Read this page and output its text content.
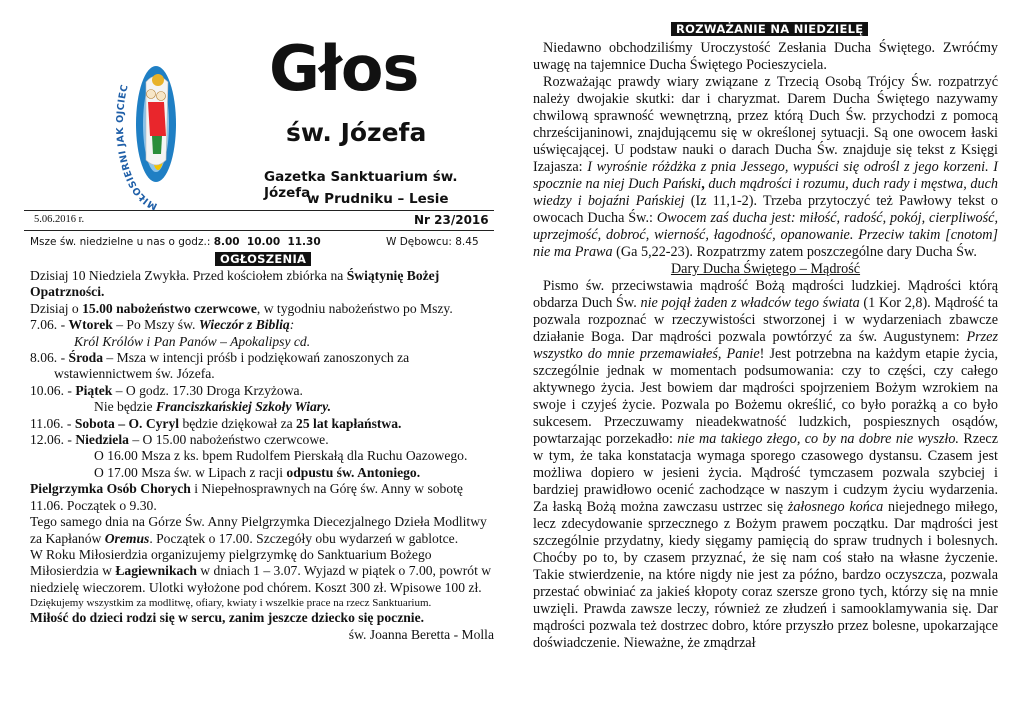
MIŁOSIERNI JAK OJCIEC	Głos
św. Józefa
Gazetka Sanktuarium św. Józefa
w Prudniku – Lesie
5.06.2016 r.	Nr 23/2016
Msze św. niedzielne u nas o godz.: 8.00  10.00  11.30	W Dębowcu: 8.45
OGŁOSZENIA

Dzisiaj 10 Niedziela Zwykła. Przed kościołem zbiórka na Świątynię Bożej Opatrzności.

Dzisiaj o 15.00 nabożeństwo czerwcowe, w tygodniu nabożeństwo po Mszy.

7.06. - Wtorek – Po Mszy św. Wieczór z Biblią:

Król Królów i Pan Panów – Apokalipsy cd.

8.06. - Środa – Msza w intencji próśb i podziękowań zanoszonych za

wstawiennictwem św. Józefa.

10.06. - Piątek – O godz. 17.30 Droga Krzyżowa.

Nie będzie Franciszkańskiej Szkoły Wiary.

11.06. - Sobota – O. Cyryl będzie dziękował za 25 lat kapłaństwa.

12.06. - Niedziela – O 15.00 nabożeństwo czerwcowe.

O 16.00 Msza z ks. bpem Rudolfem Pierskałą dla Ruchu Oazowego.

O 17.00 Msza św. w Lipach z racji odpustu św. Antoniego.

Pielgrzymka Osób Chorych i Niepełnosprawnych na Górę św. Anny w sobotę 11.06. Początek o 9.30.

Tego samego dnia na Górze Św. Anny Pielgrzymka Diecezjalnego Dzieła Modlitwy za Kapłanów Oremus. Początek o 17.00. Szczegóły obu wydarzeń w gablotce.

W Roku Miłosierdzia organizujemy pielgrzymkę do Sanktuarium Bożego Miłosierdzia w Łagiewnikach w dniach 1 – 3.07. Wyjazd w piątek o 7.00, powrót w niedzielę wieczorem. Ulotki wyłożone pod chórem. Koszt 300 zł. Wpisowe 100 zł.

Dziękujemy wszystkim za modlitwę, ofiary, kwiaty i wszelkie prace na rzecz Sanktuarium.

Miłość do dzieci rodzi się w sercu, zanim jeszcze dziecko się pocznie.

św. Joanna Beretta - Molla

ROZWAŻANIE NA NIEDZIELĘ

Niedawno obchodziliśmy Uroczystość Zesłania Ducha Świętego. Zwróćmy uwagę na tajemnice Ducha Świętego Pocieszyciela.

Rozważając prawdy wiary związane z Trzecią Osobą Trójcy Św. rozpatrzyć należy dwojakie skutki: dar i charyzmat. Darem Ducha Świętego nazywamy chwilową sprawność wewnętrzną, przez którą Duch Św. przychodzi z pomocą chrześcijaninowi, znajdującemu się w określonej sytuacji. Są one owocem łaski uświęcającej. U podstaw nauki o darach Ducha Św. znajduje się tekst z Księgi Izajasza: I wyrośnie różdżka z pnia Jessego, wypuści się odrośl z jego korzeni. I spocznie na niej Duch Pański, duch mądrości i rozumu, duch rady i męstwa, duch wiedzy i bojaźni Pańskiej (Iz 11,1-2). Trzeba przytoczyć też Pawłowy tekst o owocach Ducha Św.: Owocem zaś ducha jest: miłość, radość, pokój, cierpliwość, uprzejmość, dobroć, wierność, łagodność, opanowanie. Przeciw takim [cnotom] nie ma Prawa (Ga 5,22-23). Rozpatrzmy zatem poszczególne dary Ducha Św.

Dary Ducha Świętego – Mądrość

Pismo św. przeciwstawia mądrość Bożą mądrości ludzkiej. Mądrości którą obdarza Duch Św. nie pojął żaden z władców tego świata (1 Kor 2,8). Mądrość ta pozwala rozpoznać w rzeczywistości stworzonej i w wydarzeniach zbawcze działanie Boga. Dar mądrości pozwala powtórzyć za św. Augustynem: Przez wszystko do mnie przemawiałeś, Panie! Jest potrzebna na każdym etapie życia, szczególnie jednak w momentach podsumowania: czy to części, czy całego aktywnego życia. Jest bowiem dar mądrości spojrzeniem Bożym wzrokiem na swoje i czyjeś życie. Pozwala po Bożemu określić, co było porażką a co było sukcesem. Przeczuwamy nieadekwatność ludzkich, pospiesznych osądów, powtarzając porzekadło: nie ma takiego złego, co by na dobre nie wyszło. Rzecz w tym, że taka konstatacja wymaga sporego czasowego dystansu. Czasem jest możliwa dopiero w jesieni życia. Mądrość tymczasem pozwala szybciej i bardziej prawidłowo ocenić zachodzące w naszym i cudzym życiu wydarzenia. Za łaską Bożą można zawczasu ustrzec się żałosnego końca niejednego miłego, lecz zdecydowanie sprzecznego z Bożym prawem początku. Dar mądrości jest szczególnie przydatny, kiedy sięgamy pamięcią do spraw trudnych i bolesnych. Choćby po to, by czasem przyznać, że się nam coś stało na własne życzenie. Takie stwierdzenie, na które nigdy nie jest za późno, bardzo oczyszcza, pozwala przestać obwiniać za jakieś kłopoty coraz szersze grono tych, którzy się na mnie uwzięli. Prawda zawsze leczy, również ze złudzeń i samooklamywania się. Dar mądrości pozwala też dostrzec dobro, które przyszło przez bolesne, upokarzające doświadczenie. Nieważne, że zmądrzał
